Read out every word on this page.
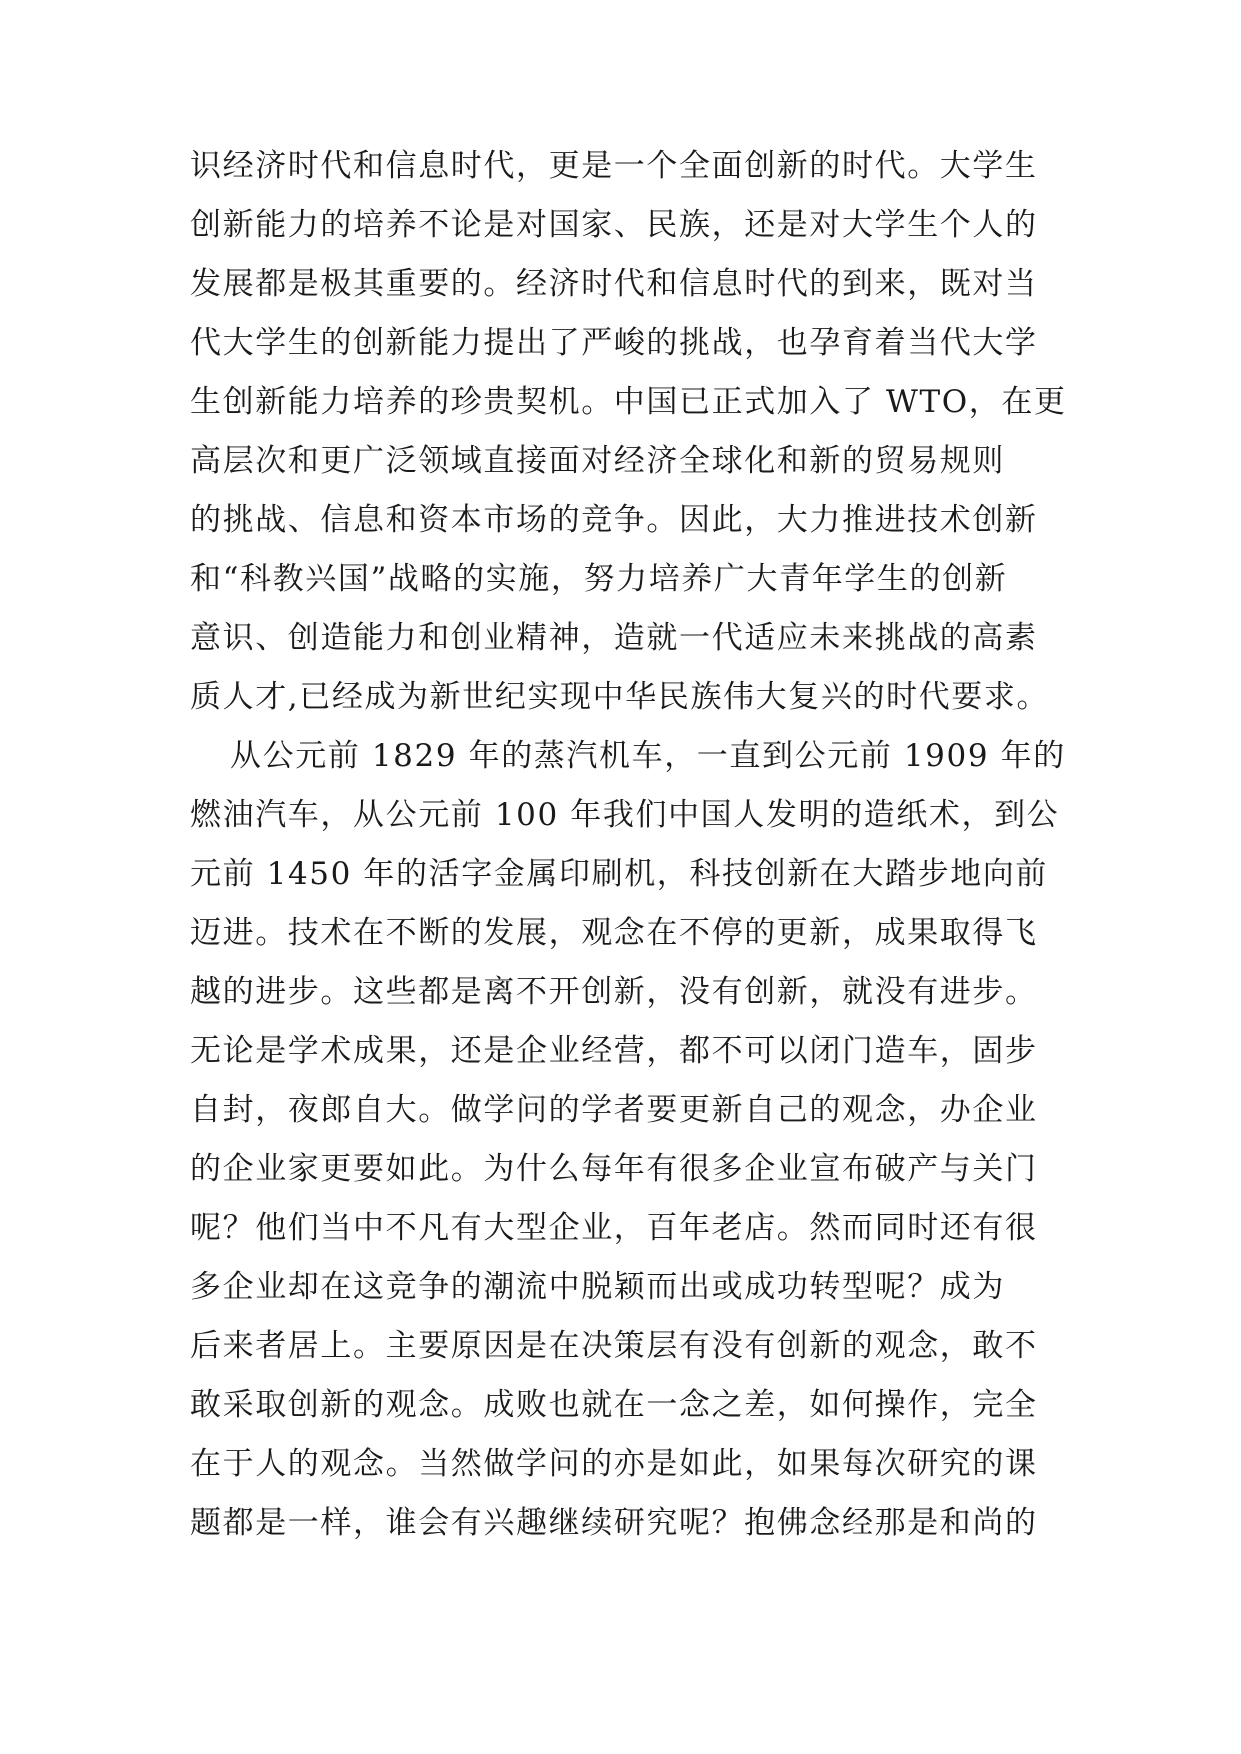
识经济时代和信息时代，更是一个全面创新的时代。大学生
创新能力的培养不论是对国家、民族，还是对大学生个人的
发展都是极其重要的。经济时代和信息时代的到来，既对当
代大学生的创新能力提出了严峻的挑战，也孕育着当代大学
生创新能力培养的珍贵契机。中国已正式加入了 WTO，在更
高层次和更广泛领域直接面对经济全球化和新的贸易规则
的挑战、信息和资本市场的竞争。因此，大力推进技术创新
和“科教兴国”战略的实施，努力培养广大青年学生的创新
意识、创造能力和创业精神，造就一代适应未来挑战的高素
质人才,已经成为新世纪实现中华民族伟大复兴的时代要求。
从公元前 1829 年的蒸汽机车，一直到公元前 1909 年的
燃油汽车，从公元前 100 年我们中国人发明的造纸术，到公
元前 1450 年的活字金属印刷机，科技创新在大踏步地向前
迈进。技术在不断的发展，观念在不停的更新，成果取得飞
越的进步。这些都是离不开创新，没有创新，就没有进步。
无论是学术成果，还是企业经营，都不可以闭门造车，固步
自封，夜郎自大。做学问的学者要更新自己的观念，办企业
的企业家更要如此。为什么每年有很多企业宣布破产与关门
呢？他们当中不凡有大型企业，百年老店。然而同时还有很
多企业却在这竞争的潮流中脱颖而出或成功转型呢？成为
后来者居上。主要原因是在决策层有没有创新的观念，敢不
敢采取创新的观念。成败也就在一念之差，如何操作，完全
在于人的观念。当然做学问的亦是如此，如果每次研究的课
题都是一样，谁会有兴趣继续研究呢？抱佛念经那是和尚的
